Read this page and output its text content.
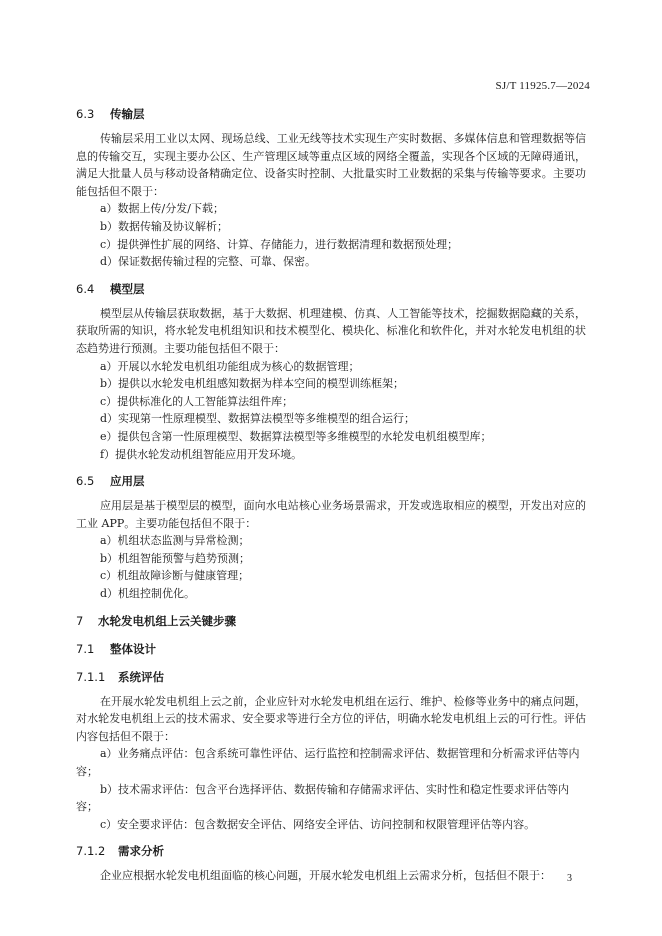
SJ/T 11925.7—2024

6.3 传输层

传输层采用工业以太网、现场总线、工业无线等技术实现生产实时数据、多媒体信息和管理数据等信息的传输交互，实现主要办公区、生产管理区域等重点区域的网络全覆盖，实现各个区域的无障碍通讯，满足大批量人员与移动设备精确定位、设备实时控制、大批量实时工业数据的采集与传输等要求。主要功能包括但不限于：

a）数据上传/分发/下载；

b）数据传输及协议解析；

c）提供弹性扩展的网络、计算、存储能力，进行数据清理和数据预处理；

d）保证数据传输过程的完整、可靠、保密。

6.4 模型层

模型层从传输层获取数据，基于大数据、机理建模、仿真、人工智能等技术，挖掘数据隐藏的关系，获取所需的知识，将水轮发电机组知识和技术模型化、模块化、标准化和软件化，并对水轮发电机组的状态趋势进行预测。主要功能包括但不限于：

a）开展以水轮发电机组功能组成为核心的数据管理；

b）提供以水轮发电机组感知数据为样本空间的模型训练框架；

c）提供标准化的人工智能算法组件库；

d）实现第一性原理模型、数据算法模型等多维模型的组合运行；

e）提供包含第一性原理模型、数据算法模型等多维模型的水轮发电机组模型库；

f）提供水轮发动机组智能应用开发环境。

6.5 应用层

应用层是基于模型层的模型，面向水电站核心业务场景需求，开发或选取相应的模型，开发出对应的工业 APP。主要功能包括但不限于：

a）机组状态监测与异常检测；

b）机组智能预警与趋势预测；

c）机组故障诊断与健康管理；

d）机组控制优化。

7 水轮发电机组上云关键步骤

7.1 整体设计

7.1.1 系统评估

在开展水轮发电机组上云之前，企业应针对水轮发电机组在运行、维护、检修等业务中的痛点问题，对水轮发电机组上云的技术需求、安全要求等进行全方位的评估，明确水轮发电机组上云的可行性。评估内容包括但不限于：

a）业务痛点评估：包含系统可靠性评估、运行监控和控制需求评估、数据管理和分析需求评估等内容；

b）技术需求评估：包含平台选择评估、数据传输和存储需求评估、实时性和稳定性要求评估等内容；

c）安全要求评估：包含数据安全评估、网络安全评估、访问控制和权限管理评估等内容。

7.1.2 需求分析

企业应根据水轮发电机组面临的核心问题，开展水轮发电机组上云需求分析，包括但不限于：	3
